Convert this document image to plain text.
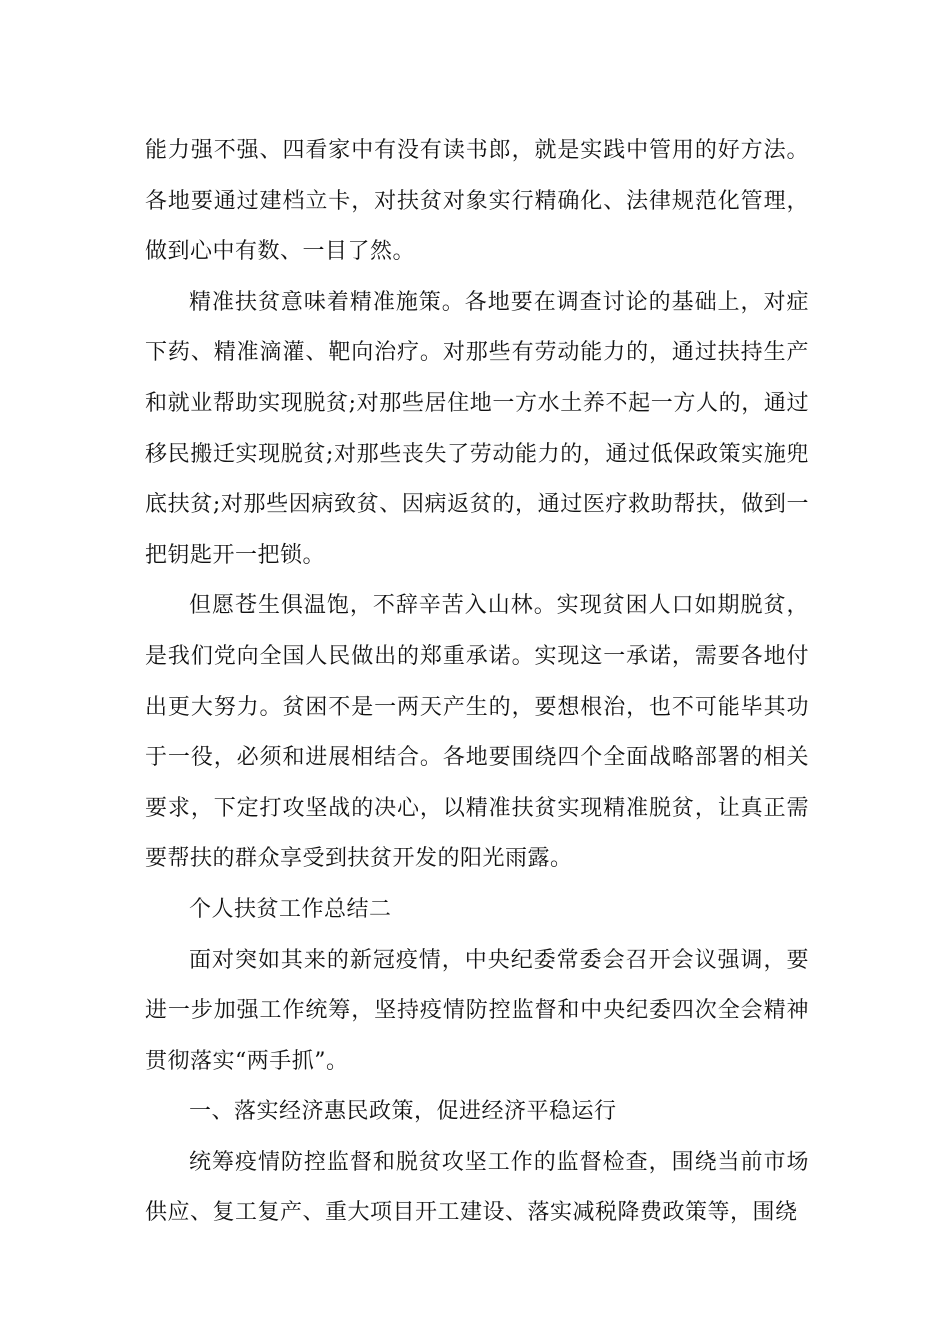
能力强不强、四看家中有没有读书郎，就是实践中管用的好方法。各地要通过建档立卡，对扶贫对象实行精确化、法律规范化管理，做到心中有数、一目了然。

精准扶贫意味着精准施策。各地要在调查讨论的基础上，对症下药、精准滴灌、靶向治疗。对那些有劳动能力的，通过扶持生产和就业帮助实现脱贫;对那些居住地一方水土养不起一方人的，通过移民搬迁实现脱贫;对那些丧失了劳动能力的，通过低保政策实施兜底扶贫;对那些因病致贫、因病返贫的，通过医疗救助帮扶，做到一把钥匙开一把锁。

但愿苍生俱温饱，不辞辛苦入山林。实现贫困人口如期脱贫，是我们党向全国人民做出的郑重承诺。实现这一承诺，需要各地付出更大努力。贫困不是一两天产生的，要想根治，也不可能毕其功于一役，必须和进展相结合。各地要围绕四个全面战略部署的相关要求，下定打攻坚战的决心，以精准扶贫实现精准脱贫，让真正需要帮扶的群众享受到扶贫开发的阳光雨露。

个人扶贫工作总结二

面对突如其来的新冠疫情，中央纪委常委会召开会议强调，要进一步加强工作统筹，坚持疫情防控监督和中央纪委四次全会精神贯彻落实“两手抓”。

一、落实经济惠民政策，促进经济平稳运行

统筹疫情防控监督和脱贫攻坚工作的监督检查，围绕当前市场供应、复工复产、重大项目开工建设、落实减税降费政策等，围绕
